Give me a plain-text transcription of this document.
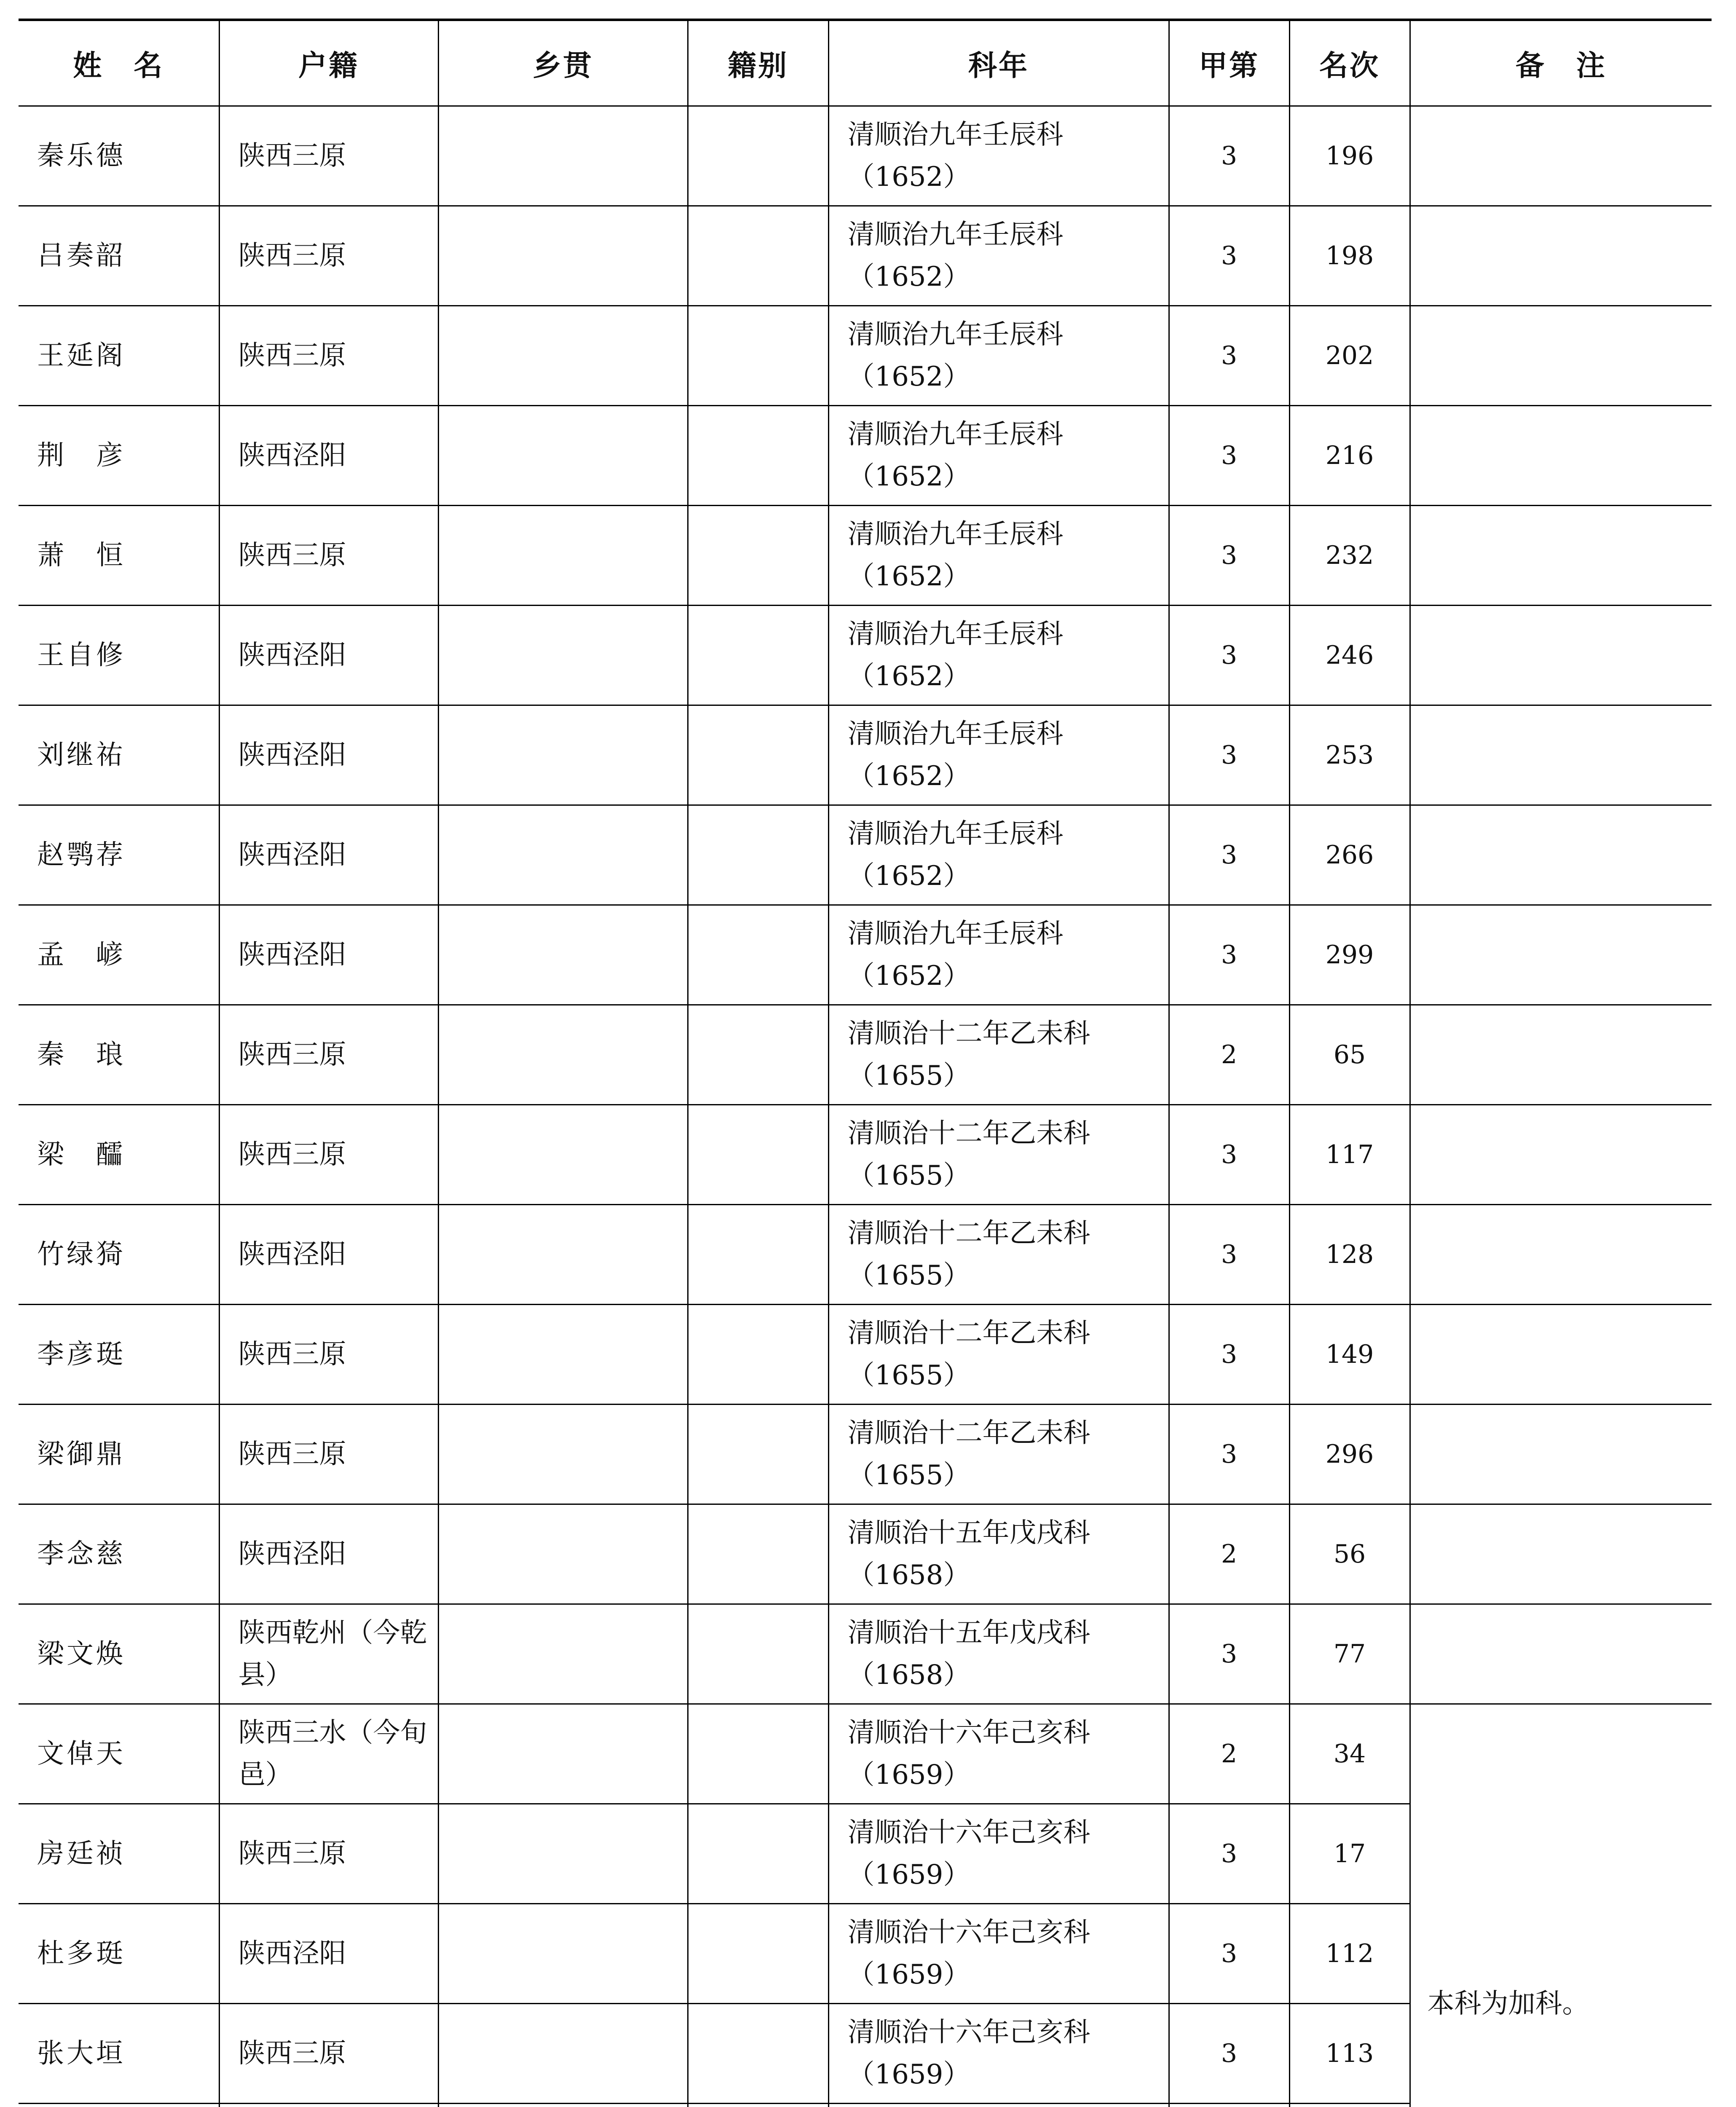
姓　名	户籍	乡贯	籍别	科年	甲第	名次	备　注
秦乐德	陕西三原			清顺治九年壬辰科（1652）	3	196	
吕奏韶	陕西三原			清顺治九年壬辰科（1652）	3	198	
王延阁	陕西三原			清顺治九年壬辰科（1652）	3	202	
荆　彦	陕西泾阳			清顺治九年壬辰科（1652）	3	216	
萧　恒	陕西三原			清顺治九年壬辰科（1652）	3	232	
王自修	陕西泾阳			清顺治九年壬辰科（1652）	3	246	
刘继祐	陕西泾阳			清顺治九年壬辰科（1652）	3	253	
赵鹗荐	陕西泾阳			清顺治九年壬辰科（1652）	3	266	
孟　嵃	陕西泾阳			清顺治九年壬辰科（1652）	3	299	
秦　琅	陕西三原			清顺治十二年乙未科（1655）	2	65	
梁　醽	陕西三原			清顺治十二年乙未科（1655）	3	117	
竹绿猗	陕西泾阳			清顺治十二年乙未科（1655）	3	128	
李彦珽	陕西三原			清顺治十二年乙未科（1655）	3	149	
梁御鼎	陕西三原			清顺治十二年乙未科（1655）	3	296	
李念慈	陕西泾阳			清顺治十五年戊戌科（1658）	2	56	
梁文焕	陕西乾州（今乾县）			清顺治十五年戊戌科（1658）	3	77	
文倬天	陕西三水（今旬邑）			清顺治十六年己亥科（1659）	2	34	本科为加科。
房廷祯	陕西三原			清顺治十六年己亥科（1659）	3	17	
杜多珽	陕西泾阳			清顺治十六年己亥科（1659）	3	112	
张大垣	陕西三原			清顺治十六年己亥科（1659）	3	113	
